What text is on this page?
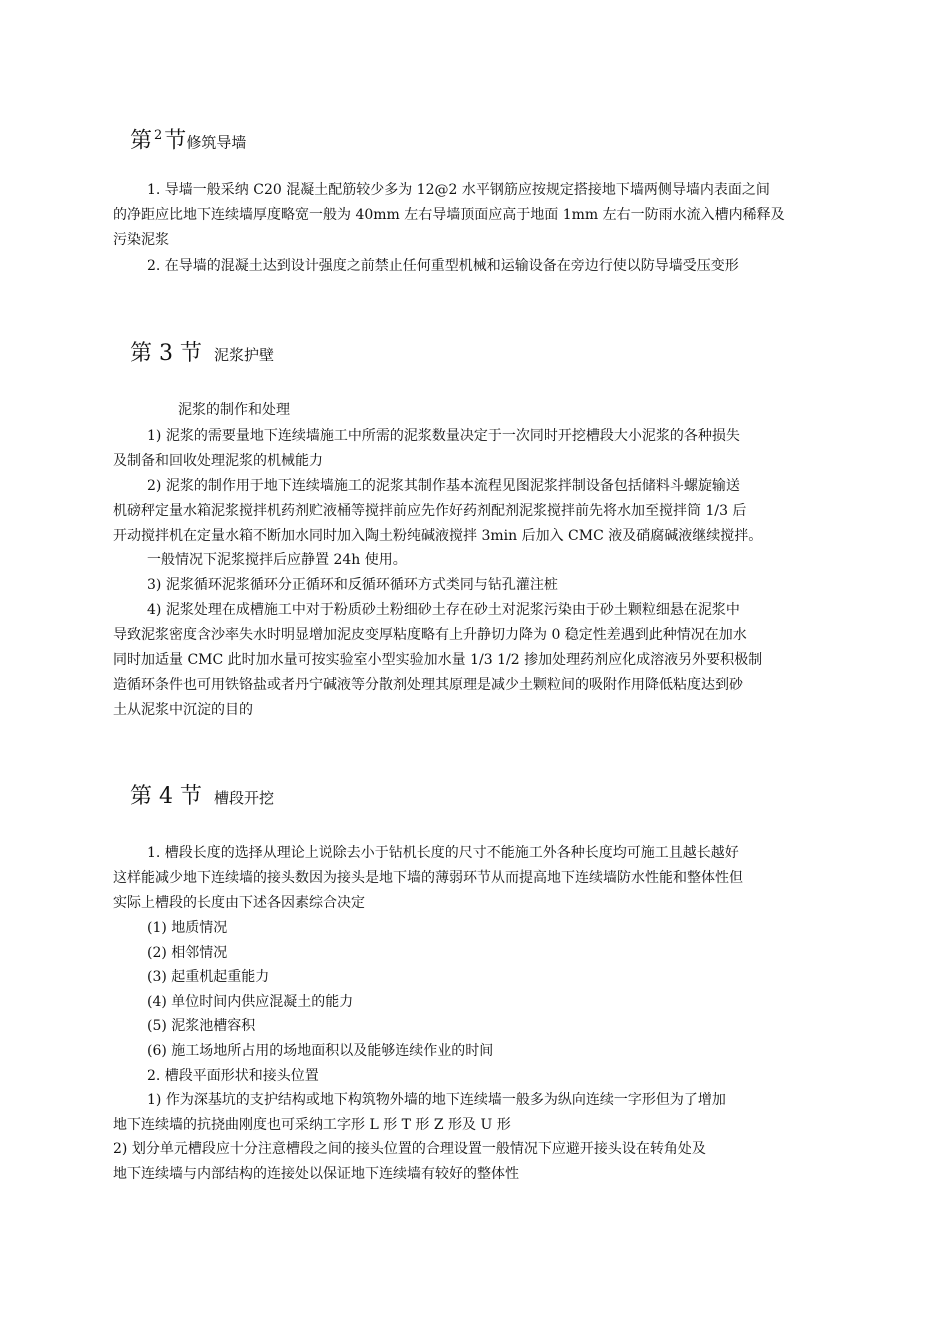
第 $^2$节修筑导墙
1. 导墙一般采纳 C20 混凝土配筋较少多为 12@2 水平钢筋应按规定搭接地下墙两侧导墙内表面之间
的净距应比地下连续墙厚度略宽一般为 40mm 左右导墙顶面应高于地面 1mm 左右一防雨水流入槽内稀释及
污染泥浆
2. 在导墙的混凝土达到设计强度之前禁止任何重型机械和运输设备在旁边行使以防导墙受压变形
第 3 节 泥浆护壁
泥浆的制作和处理
1) 泥浆的需要量地下连续墙施工中所需的泥浆数量决定于一次同时开挖槽段大小泥浆的各种损失
及制备和回收处理泥浆的机械能力
2) 泥浆的制作用于地下连续墙施工的泥浆其制作基本流程见图泥浆拌制设备包括储料斗螺旋输送
机磅秤定量水箱泥浆搅拌机药剂贮液桶等搅拌前应先作好药剂配剂泥浆搅拌前先将水加至搅拌筒 1/3 后
开动搅拌机在定量水箱不断加水同时加入陶土粉纯碱液搅拌 3min 后加入 CMC 液及硝腐碱液继续搅拌。
一般情况下泥浆搅拌后应静置 24h 使用。
3) 泥浆循环泥浆循环分正循环和反循环循环方式类同与钻孔灌注桩
4) 泥浆处理在成槽施工中对于粉质砂土粉细砂土存在砂土对泥浆污染由于砂土颗粒细悬在泥浆中
导致泥浆密度含沙率失水时明显增加泥皮变厚粘度略有上升静切力降为 0 稳定性差遇到此种情况在加水
同时加适量 CMC 此时加水量可按实验室小型实验加水量 1/3 1/2 掺加处理药剂应化成溶液另外要积极制
造循环条件也可用铁铬盐或者丹宁碱液等分散剂处理其原理是减少土颗粒间的吸附作用降低粘度达到砂
土从泥浆中沉淀的目的
第 4 节 槽段开挖
1. 槽段长度的选择从理论上说除去小于钻机长度的尺寸不能施工外各种长度均可施工且越长越好
这样能减少地下连续墙的接头数因为接头是地下墙的薄弱环节从而提高地下连续墙防水性能和整体性但
实际上槽段的长度由下述各因素综合决定
(1) 地质情况
(2) 相邻情况
(3) 起重机起重能力
(4) 单位时间内供应混凝土的能力
(5) 泥浆池槽容积
(6) 施工场地所占用的场地面积以及能够连续作业的时间
2. 槽段平面形状和接头位置
1) 作为深基坑的支护结构或地下构筑物外墙的地下连续墙一般多为纵向连续一字形但为了增加
地下连续墙的抗挠曲刚度也可采纳工字形 L 形 T 形 Z 形及 U 形
2) 划分单元槽段应十分注意槽段之间的接头位置的合理设置一般情况下应避开接头设在转角处及
地下连续墙与内部结构的连接处以保证地下连续墙有较好的整体性
